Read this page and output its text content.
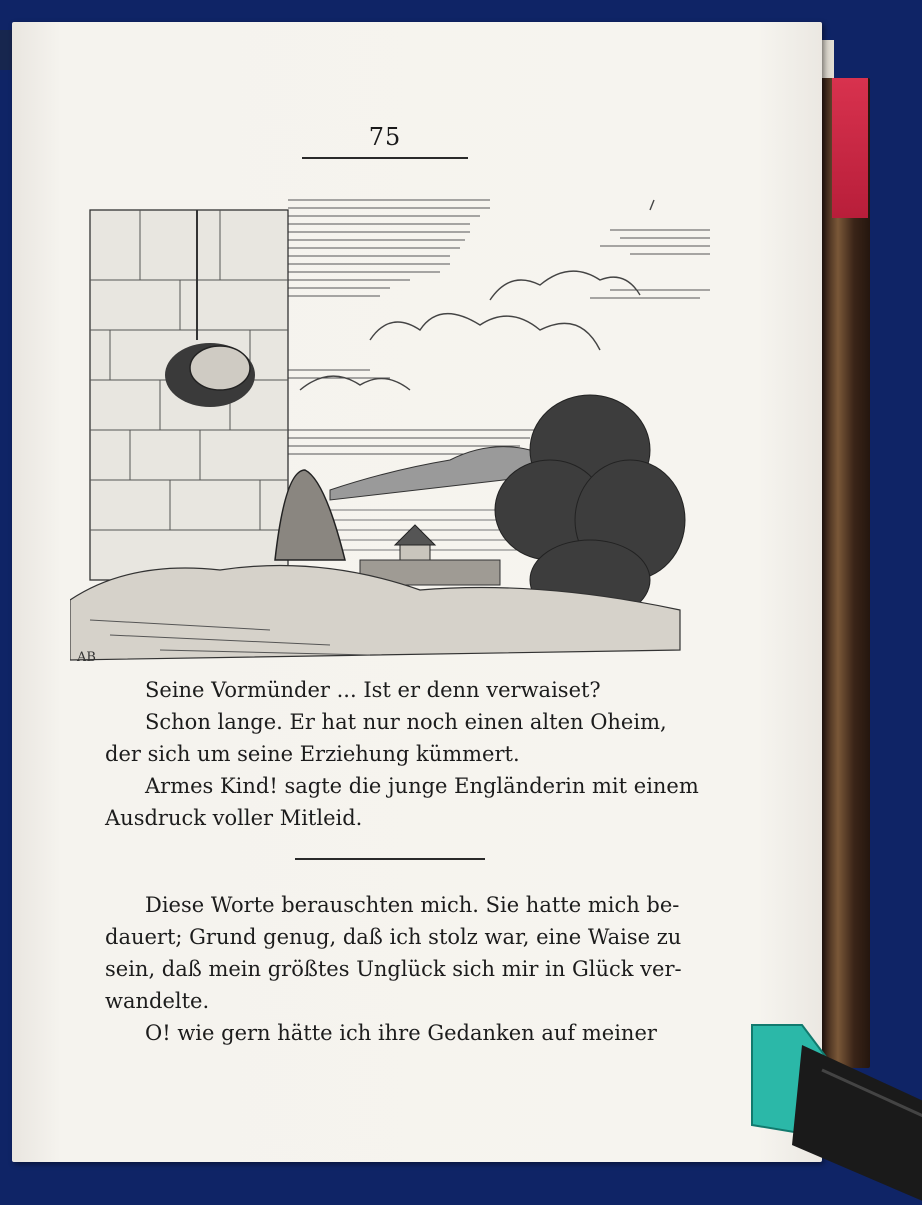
75
AB
Seine Vormünder ... Ist er denn verwaiset?
Schon lange. Er hat nur noch einen alten Oheim,
der sich um seine Erziehung kümmert.
Armes Kind! sagte die junge Engländerin mit einem
Ausdruck voller Mitleid.
Diese Worte berauschten mich. Sie hatte mich be-
dauert; Grund genug, daß ich stolz war, eine Waise zu
sein, daß mein größtes Unglück sich mir in Glück ver-
wandelte.
O! wie gern hätte ich ihre Gedanken auf meiner
